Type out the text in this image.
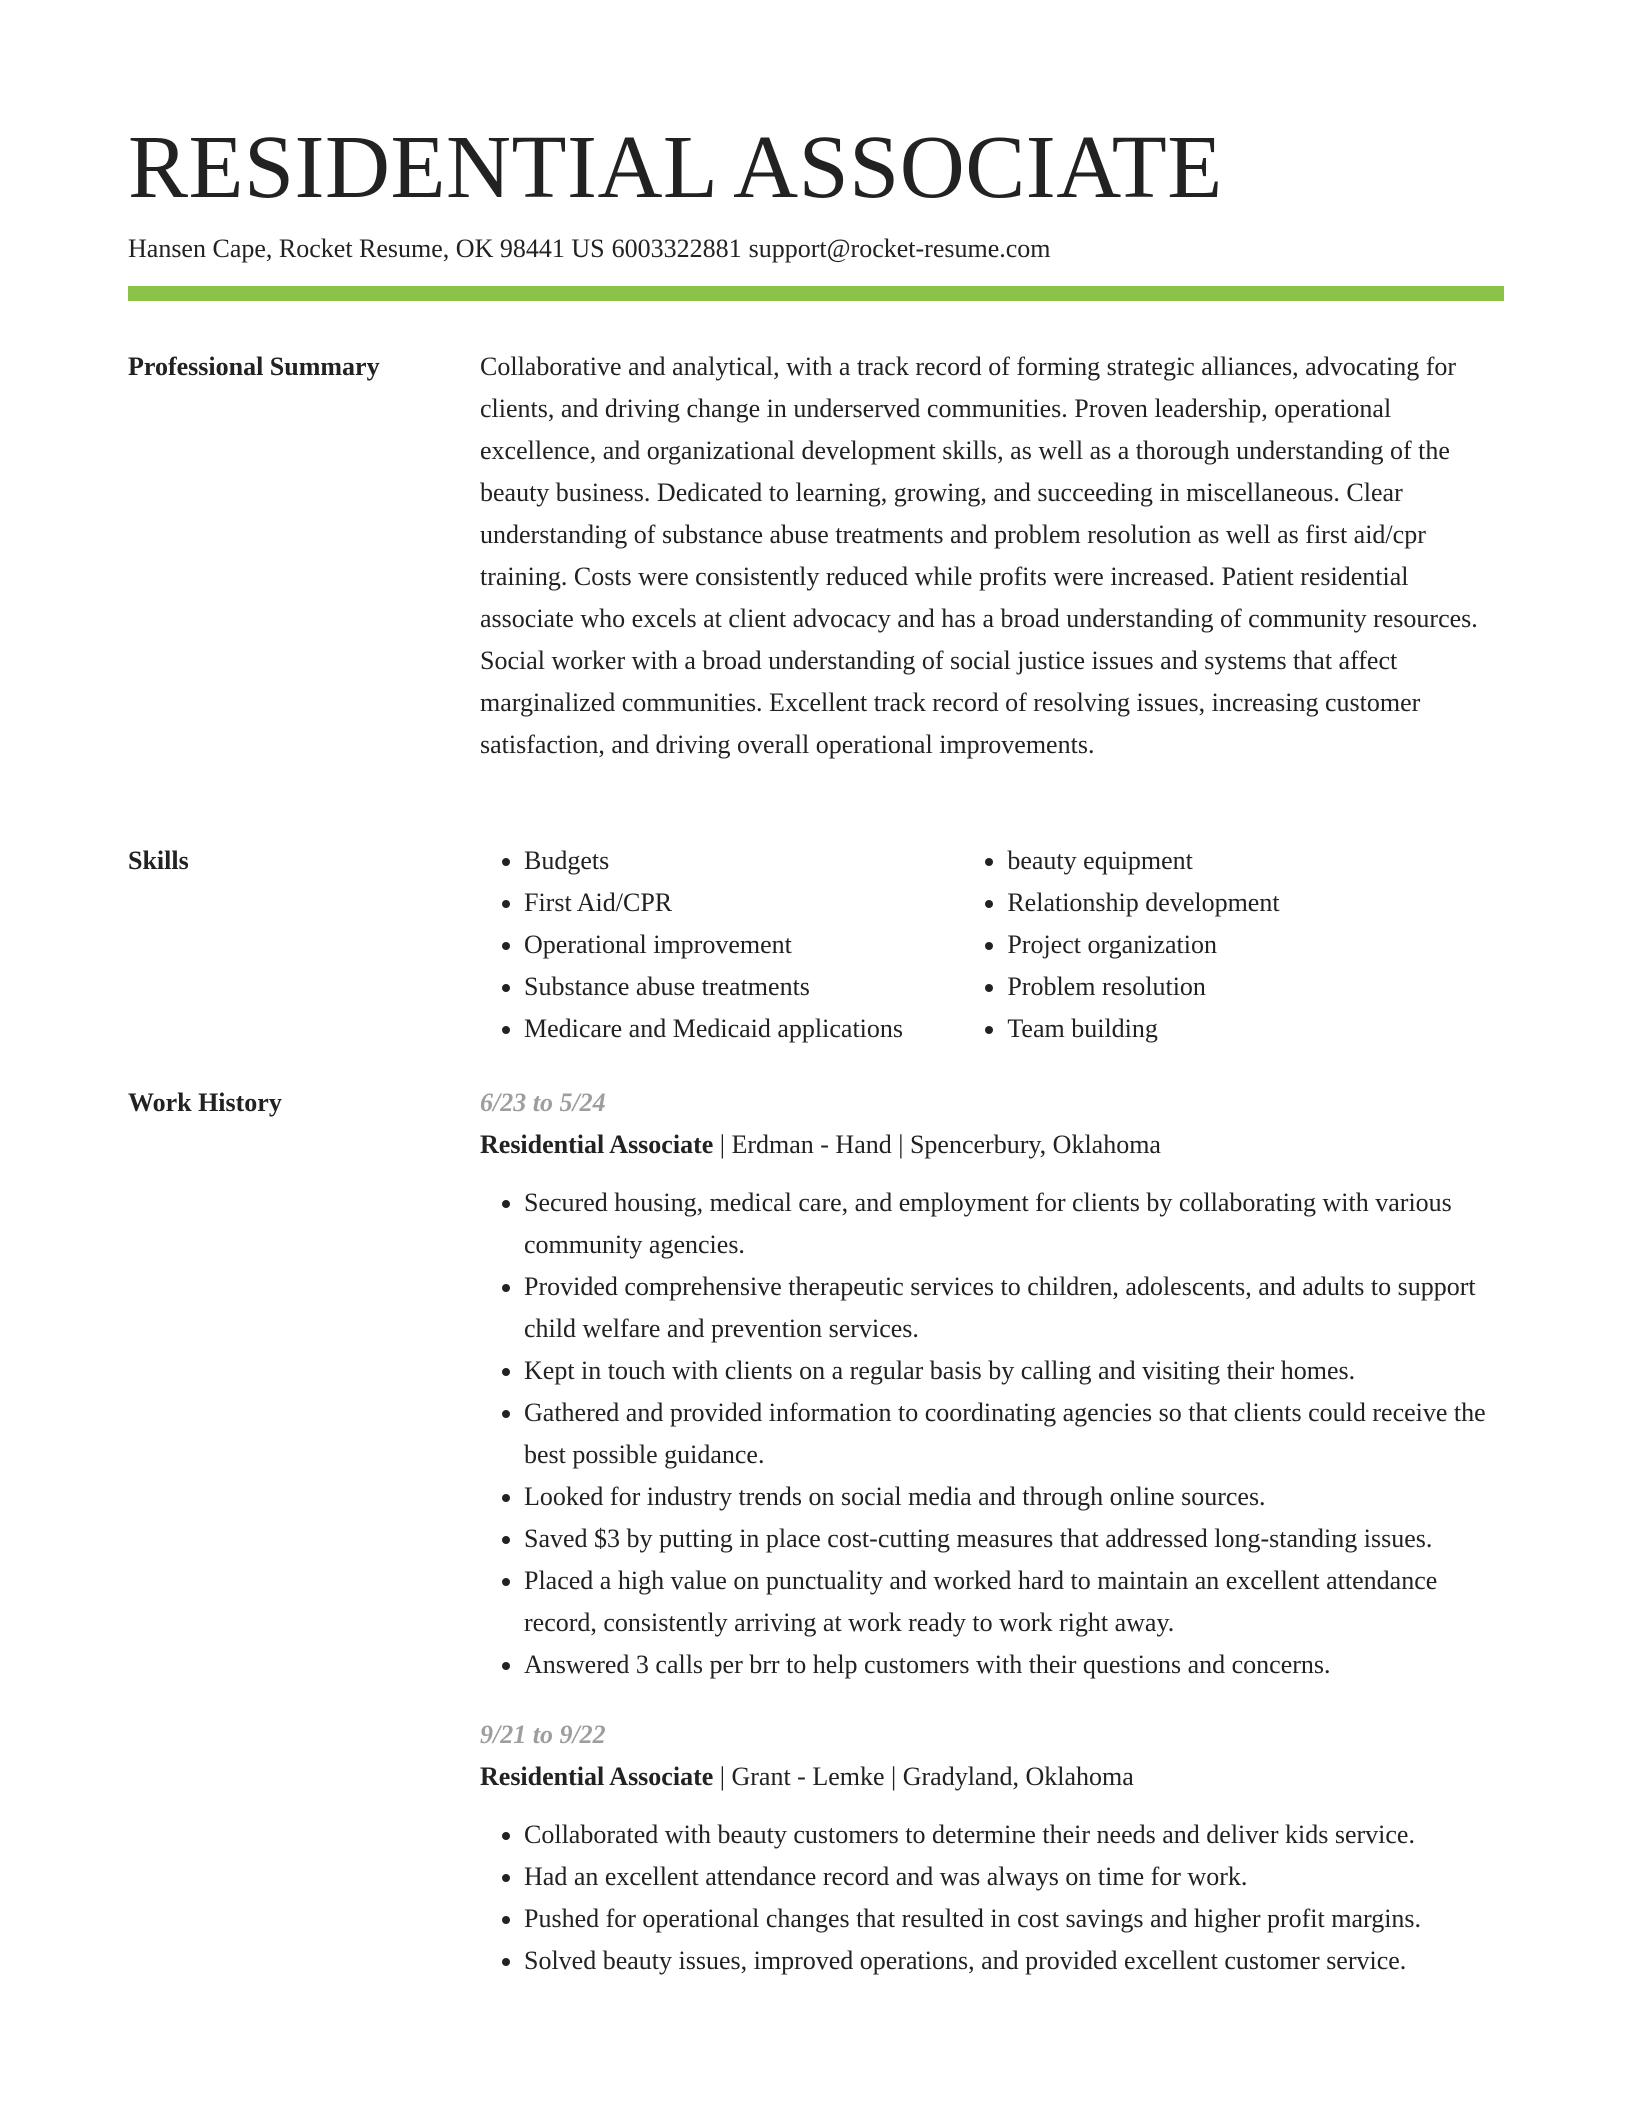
RESIDENTIAL ASSOCIATE
Hansen Cape, Rocket Resume, OK 98441 US 6003322881 support@rocket-resume.com
Professional Summary	Collaborative and analytical, with a track record of forming strategic alliances, advocating for clients, and driving change in underserved communities. Proven leadership, operational excellence, and organizational development skills, as well as a thorough understanding of the beauty business. Dedicated to learning, growing, and succeeding in miscellaneous. Clear understanding of substance abuse treatments and problem resolution as well as first aid/cpr training. Costs were consistently reduced while profits were increased. Patient residential associate who excels at client advocacy and has a broad understanding of community resources. Social worker with a broad understanding of social justice issues and systems that affect marginalized communities. Excellent track record of resolving issues, increasing customer satisfaction, and driving overall operational improvements.

Skills
•	Budgets
• First Aid/CPR
• Operational improvement
• Substance abuse treatments
• Medicare and Medicaid applications
• beauty equipment
• Relationship development
• Project organization
• Problem resolution
• Team building
Work History	6/23 to 5/24

Residential Associate | Erdman - Hand | Spencerbury, Oklahoma

• Secured housing, medical care, and employment for clients by collaborating with various community agencies.
• Provided comprehensive therapeutic services to children, adolescents, and adults to support child welfare and prevention services.
• Kept in touch with clients on a regular basis by calling and visiting their homes.
• Gathered and provided information to coordinating agencies so that clients could receive the best possible guidance.
• Looked for industry trends on social media and through online sources.
• Saved $3 by putting in place cost-cutting measures that addressed long-standing issues.
• Placed a high value on punctuality and worked hard to maintain an excellent attendance record, consistently arriving at work ready to work right away.
• Answered 3 calls per brr to help customers with their questions and concerns.

9/21 to 9/22

Residential Associate | Grant - Lemke | Gradyland, Oklahoma

• Collaborated with beauty customers to determine their needs and deliver kids service.
• Had an excellent attendance record and was always on time for work.
• Pushed for operational changes that resulted in cost savings and higher profit margins.
• Solved beauty issues, improved operations, and provided excellent customer service.
